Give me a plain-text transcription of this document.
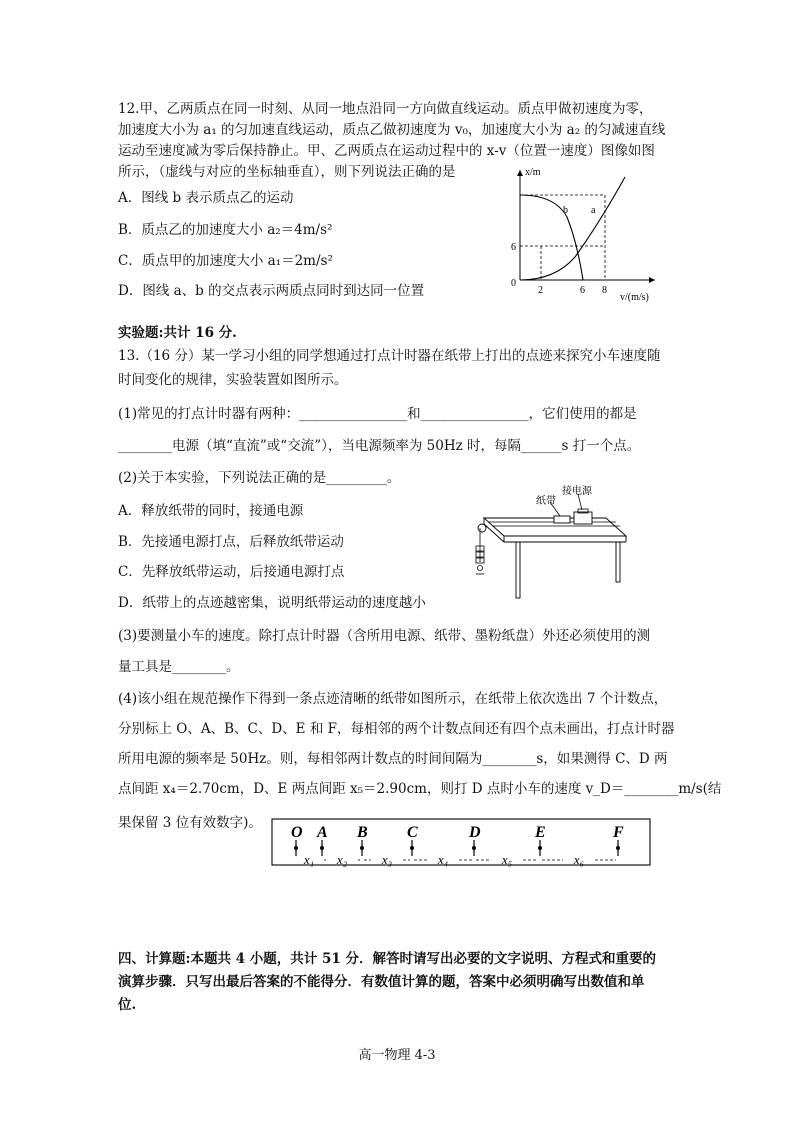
12.甲、乙两质点在同一时刻、从同一地点沿同一方向做直线运动。质点甲做初速度为零，
加速度大小为 a₁ 的匀加速直线运动，质点乙做初速度为 v₀，加速度大小为 a₂ 的匀减速直线
运动至速度减为零后保持静止。甲、乙两质点在运动过程中的 x-v（位置一速度）图像如图
所示，（虚线与对应的坐标轴垂直），则下列说法正确的是
A．图线 b 表示质点乙的运动
B．质点乙的加速度大小 a₂＝4m/s²
C．质点甲的加速度大小 a₁＝2m/s²
D．图线 a、b 的交点表示两质点同时到达同一位置
x/m
v/(m/s)
0
6
2	6 8
b a
实验题:共计 16 分.
13.（16 分）某一学习小组的同学想通过打点计时器在纸带上打出的点迹来探究小车速度随
时间变化的规律，实验装置如图所示。
(1)常见的打点计时器有两种：________________和________________，它们使用的都是
________电源（填“直流”或“交流”），当电源频率为 50Hz 时，每隔______s 打一个点。
(2)关于本实验，下列说法正确的是_________。
A．释放纸带的同时，接通电源
B．先接通电源打点，后释放纸带运动
C．先释放纸带运动，后接通电源打点
D．纸带上的点迹越密集，说明纸带运动的速度越小
接电源
纸带
(3)要测量小车的速度。除打点计时器（含所用电源、纸带、墨粉纸盘）外还必须使用的测
量工具是________。
(4)该小组在规范操作下得到一条点迹清晰的纸带如图所示，在纸带上依次选出 7 个计数点，
分别标上 O、A、B、C、D、E 和 F，每相邻的两个计数点间还有四个点未画出，打点计时器
所用电源的频率是 50Hz。则，每相邻两计数点的时间间隔为________s，如果测得 C、D 两
点间距 x₄＝2.70cm，D、E 两点间距 x₅＝2.90cm，则打 D 点时小车的速度 v_D＝________m/s(结
果保留 3 位有效数字)。
O A B C	D	E	F
x₁ x₂	x₃	x₄	x₅	x₆
四、计算题:本题共 4 小题，共计 51 分．解答时请写出必要的文字说明、方程式和重要的
演算步骤．只写出最后答案的不能得分．有数值计算的题，答案中必须明确写出数值和单
位.
高一物理 4-3
